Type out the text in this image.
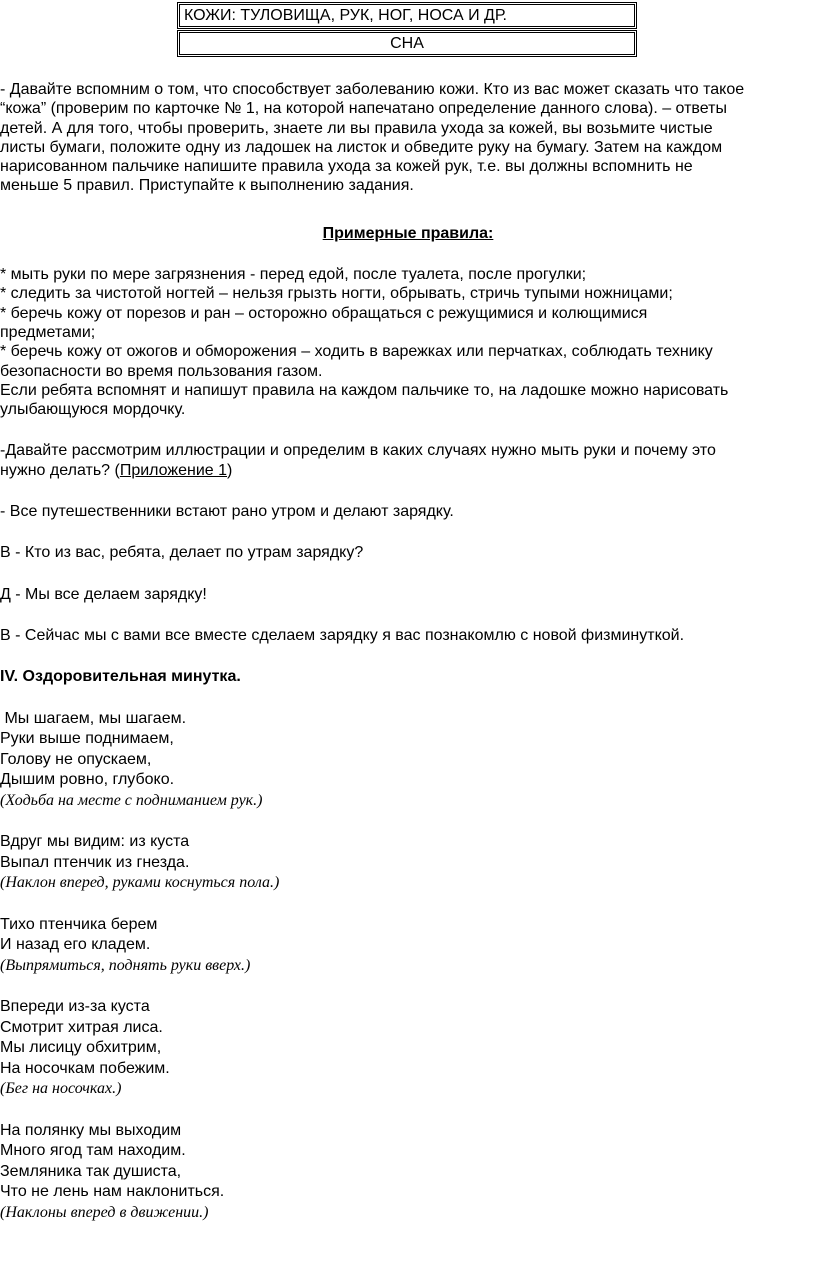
КОЖИ: ТУЛОВИЩА, РУК, НОГ, НОСА И ДР.
СНА

- Давайте вспомним о том, что способствует заболеванию кожи. Кто из вас может сказать что такое

“кожа” (проверим по карточке № 1, на которой напечатано определение данного слова). – ответы

детей. А для того, чтобы проверить, знаете ли вы правила ухода за кожей, вы возьмите чистые

листы бумаги, положите одну из ладошек на листок и обведите руку на бумагу. Затем на каждом

нарисованном пальчике напишите правила ухода за кожей рук, т.е. вы должны вспомнить не

меньше 5 правил. Приступайте к выполнению задания.

Примерные правила:

* мыть руки по мере загрязнения - перед едой, после туалета, после прогулки;

* следить за чистотой ногтей – нельзя грызть ногти, обрывать, стричь тупыми ножницами;

* беречь кожу от порезов и ран – осторожно обращаться с режущимися и колющимися

предметами;

* беречь кожу от ожогов и обморожения – ходить в варежках или перчатках, соблюдать технику

безопасности во время пользования газом.

Если ребята вспомнят и напишут правила на каждом пальчике то, на ладошке можно нарисовать

улыбающуюся мордочку.

-Давайте рассмотрим иллюстрации и определим в каких случаях нужно мыть руки и почему это

нужно делать? (Приложение 1)

- Все путешественники встают рано утром и делают зарядку.

В - Кто из вас, ребята, делает по утрам зарядку?

Д - Мы все делаем зарядку!

В - Сейчас мы с вами все вместе сделаем зарядку я вас познакомлю с новой физминуткой.

IV. Оздоровительная минутка.

Мы шагаем, мы шагаем.

Руки выше поднимаем,

Голову не опускаем,

Дышим ровно, глубоко.

(Ходьба на месте с подниманием рук.)

Вдруг мы видим: из куста

Выпал птенчик из гнезда.

(Наклон вперед, руками коснуться пола.)

Тихо птенчика берем

И назад его кладем.

(Выпрямиться, поднять руки вверх.)

Впереди из-за куста

Смотрит хитрая лиса.

Мы лисицу обхитрим,

На носочкам побежим.

(Бег на носочках.)

На полянку мы выходим

Много ягод там находим.

Земляника так душиста,

Что не лень нам наклониться.

(Наклоны вперед в движении.)
